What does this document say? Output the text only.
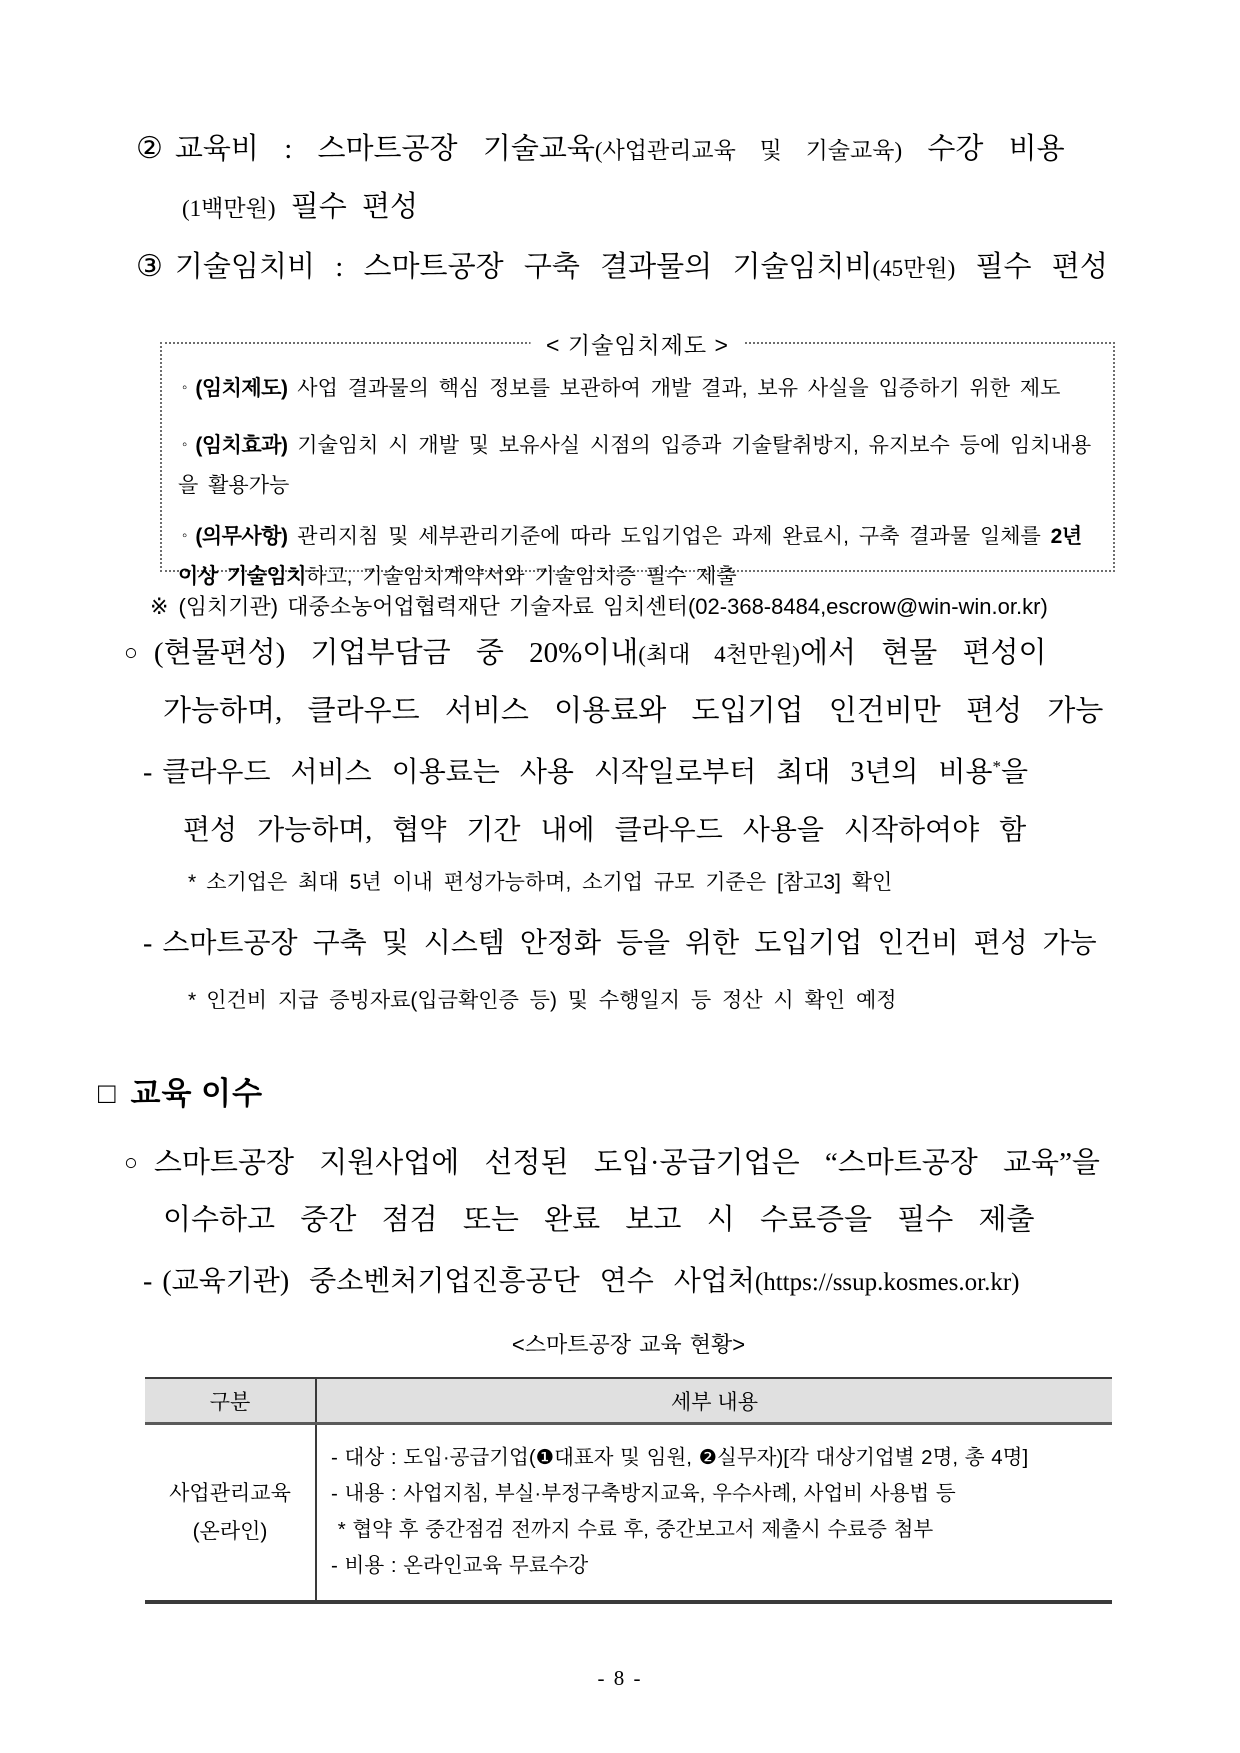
② 교육비 : 스마트공장 기술교육(사업관리교육 및 기술교육) 수강 비용
(1백만원) 필수 편성
③ 기술임치비 : 스마트공장 구축 결과물의 기술임치비(45만원) 필수 편성
< 기술임치제도 >
◦ (임치제도) 사업 결과물의 핵심 정보를 보관하여 개발 결과, 보유 사실을 입증하기 위한 제도
◦ (임치효과) 기술임치 시 개발 및 보유사실 시점의 입증과 기술탈취방지, 유지보수 등에 임치내용을 활용가능
◦ (의무사항) 관리지침 및 세부관리기준에 따라 도입기업은 과제 완료시, 구축 결과물 일체를 2년 이상 기술임치하고, 기술임치계약서와 기술임치증 필수 제출
※ (임치기관) 대중소농어업협력재단 기술자료 임치센터(02-368-8484,escrow@win-win.or.kr)
○ (현물편성) 기업부담금 중 20%이내(최대 4천만원)에서 현물 편성이
가능하며, 클라우드 서비스 이용료와 도입기업 인건비만 편성 가능
- 클라우드 서비스 이용료는 사용 시작일로부터 최대 3년의 비용*을
편성 가능하며, 협약 기간 내에 클라우드 사용을 시작하여야 함
* 소기업은 최대 5년 이내 편성가능하며, 소기업 규모 기준은 [참고3] 확인
- 스마트공장 구축 및 시스템 안정화 등을 위한 도입기업 인건비 편성 가능
* 인건비 지급 증빙자료(입금확인증 등) 및 수행일지 등 정산 시 확인 예정
□ 교육 이수
○ 스마트공장 지원사업에 선정된 도입·공급기업은 “스마트공장 교육”을
이수하고 중간 점검 또는 완료 보고 시 수료증을 필수 제출
- (교육기관) 중소벤처기업진흥공단 연수 사업처(https://ssup.kosmes.or.kr)
<스마트공장 교육 현황>
구분	세부 내용
사업관리교육
(온라인)
- 대상 : 도입·공급기업(❶대표자 및 임원, ❷실무자)[각 대상기업별 2명, 총 4명]
- 내용 : 사업지침, 부실·부정구축방지교육, 우수사례, 사업비 사용법 등
* 협약 후 중간점검 전까지 수료 후, 중간보고서 제출시 수료증 첨부
- 비용 : 온라인교육 무료수강
- 8 -
